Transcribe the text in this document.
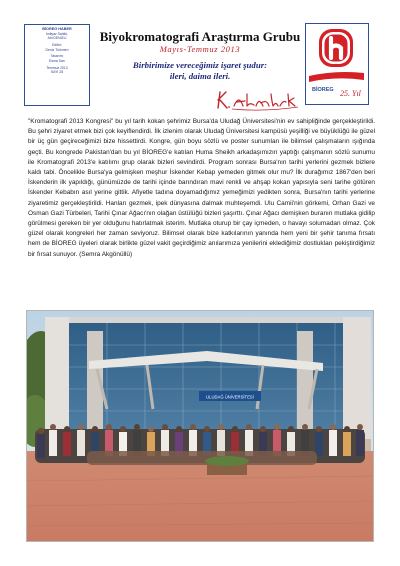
BİOREG HABER
İmtiyaz Sahibi,
Atıl DENİZLİ
Editör;
Deniz Türkmen
Tasarım;
Esma Sarı
Temmuz 2013
SAYI 28
Biyokromatografi Araştırma Grubu
Mayıs-Temmuz 2013
Birbirimize vereceğimiz işaret şudur:
ileri, daima ileri.
BİOREG 25. Yıl

"Kromatografi 2013 Kongresi" bu yıl tarih kokan şehrimiz Bursa'da Uludağ Üniversitesi'nin ev sahipliğinde gerçekleştirildi. Bu şehri ziyaret etmek bizi çok keyiflendirdi. İlk izlenim olarak Uludağ Üniversitesi kampüsü yeşilliği ve büyüklüğü ile güzel bir üç gün geçireceğimizi bize hissettirdi. Kongre, gün boyu sözlü ve poster sunumları ile bilimsel çalışmaların ışığında geçti. Bu kongrede Pakistan'dan bu yıl BİOREG'e katılan Huma Sheikh arkadaşımızın yaptığı çalışmanın sözlü sunumu ile Kromatografi 2013'e katılımı grup olarak bizleri sevindirdi. Program sonrası Bursa'nın tarihi yerlerini gezmek bizlere kaldı tabi. Öncelikle Bursa'ya gelmişken meşhur İskender Kebap yemeden gitmek olur mu? İlk durağımız 1867'den beri İskenderin ilk yapıldığı, günümüzde de tarihi içinde barındıran mavi renkli ve ahşap kokan yapısıyla seni tarihe götüren İskender Kebabın asıl yerine gittik. Afiyetle tadına doyamadığımız yemeğimizi yedikten sonra, Bursa'nın tarihi yerlerine ziyaretimiz gerçekleştirildi. Hanları gezmek, ipek dünyasına dalmak muhteşemdi. Ulu Camii'nin görkemi, Orhan Gazi ve Osman Gazi Türbeleri, Tarihi Çınar Ağacı'nın olağan üstülüğü bizleri şaşırttı. Çınar Ağacı demişken buranın mutlaka gidilip görülmesi gereken bir yer olduğunu hatırlatmak isterim. Mutlaka oturup bir çay içmeden, o havayı solumadan olmaz. Çok güzel olarak kongreleri her zaman seviyoruz. Bilimsel olarak bize katkılarının yanında hem yeni bir şehir tanıma fırsatı hem de BİOREG üyeleri olarak birlikte güzel vakit geçirdiğimiz anılarımıza yenilerini eklediğimiz dostlukları pekiştirdiğimiz bir fırsat sunuyor. (Semra Akgönüllü)

ULUDAĞ ÜNİVERSİTESİ
